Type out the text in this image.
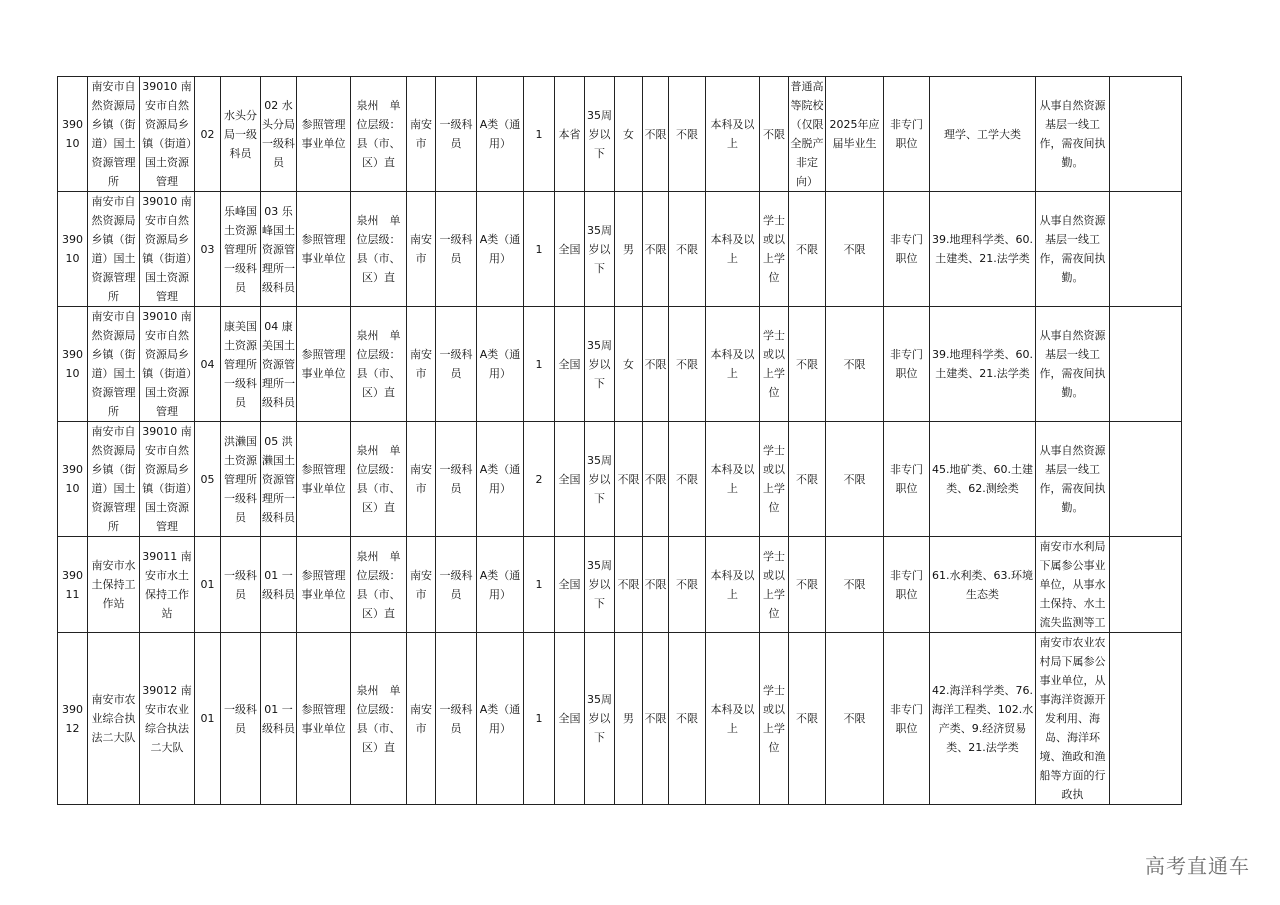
39010	南安市自然资源局乡镇（街道）国土资源管理所	39010 南安市自然资源局乡镇（街道）国土资源管理	02	水头分局一级科员	02 水头分局一级科员	参照管理事业单位	泉州　单位层级：县（市、区）直	南安市	一级科员	A类（通用）	1	本省	35周岁以下	女	不限	不限	本科及以上	不限	普通高等院校（仅限全脱产非定向）	2025年应届毕业生	非专门职位	理学、工学大类	从事自然资源基层一线工作，需夜间执勤。	
39010	南安市自然资源局乡镇（街道）国土资源管理所	39010 南安市自然资源局乡镇（街道）国土资源管理	03	乐峰国土资源管理所一级科员	03 乐峰国土资源管理所一级科员	参照管理事业单位	泉州　单位层级：县（市、区）直	南安市	一级科员	A类（通用）	1	全国	35周岁以下	男	不限	不限	本科及以上	学士或以上学位	不限	不限	非专门职位	39.地理科学类、60.土建类、21.法学类	从事自然资源基层一线工作，需夜间执勤。	
39010	南安市自然资源局乡镇（街道）国土资源管理所	39010 南安市自然资源局乡镇（街道）国土资源管理	04	康美国土资源管理所一级科员	04 康美国土资源管理所一级科员	参照管理事业单位	泉州　单位层级：县（市、区）直	南安市	一级科员	A类（通用）	1	全国	35周岁以下	女	不限	不限	本科及以上	学士或以上学位	不限	不限	非专门职位	39.地理科学类、60.土建类、21.法学类	从事自然资源基层一线工作，需夜间执勤。	
39010	南安市自然资源局乡镇（街道）国土资源管理所	39010 南安市自然资源局乡镇（街道）国土资源管理	05	洪濑国土资源管理所一级科员	05 洪濑国土资源管理所一级科员	参照管理事业单位	泉州　单位层级：县（市、区）直	南安市	一级科员	A类（通用）	2	全国	35周岁以下	不限	不限	不限	本科及以上	学士或以上学位	不限	不限	非专门职位	45.地矿类、60.土建类、62.测绘类	从事自然资源基层一线工作，需夜间执勤。	
39011	南安市水土保持工作站	39011 南安市水土保持工作站	01	一级科员	01 一级科员	参照管理事业单位	泉州　单位层级：县（市、区）直	南安市	一级科员	A类（通用）	1	全国	35周岁以下	不限	不限	不限	本科及以上	学士或以上学位	不限	不限	非专门职位	61.水利类、63.环境生态类	南安市水利局下属参公事业单位，从事水土保持、水土流失监测等工	
39012	南安市农业综合执法二大队	39012 南安市农业综合执法二大队	01	一级科员	01 一级科员	参照管理事业单位	泉州　单位层级：县（市、区）直	南安市	一级科员	A类（通用）	1	全国	35周岁以下	男	不限	不限	本科及以上	学士或以上学位	不限	不限	非专门职位	42.海洋科学类、76.海洋工程类、102.水产类、9.经济贸易类、21.法学类	南安市农业农村局下属参公事业单位，从事海洋资源开发利用、海岛、海洋环境、渔政和渔船等方面的行政执	
高考直通车
